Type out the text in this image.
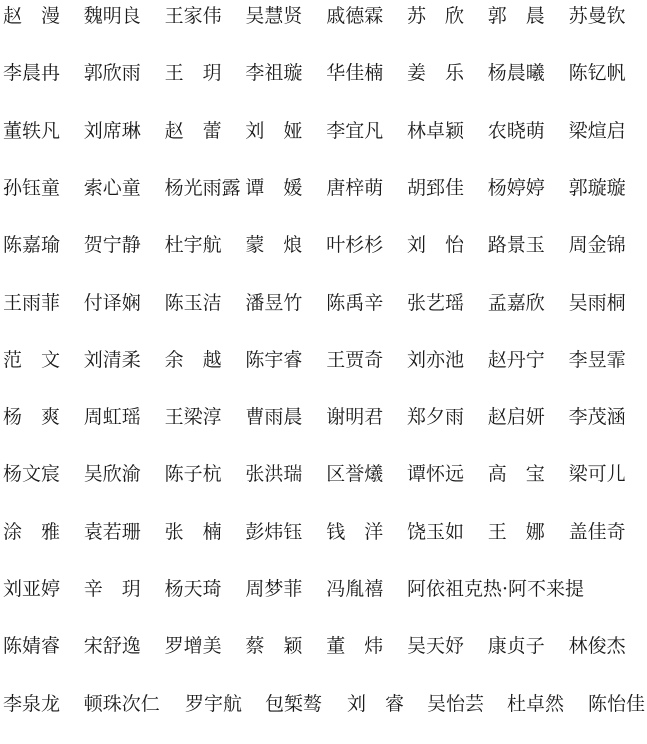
赵　漫 魏明良 王家伟 吴慧贤 戚德霖 苏　欣 郭　晨 苏曼钦
李晨冉 郭欣雨 王　玥 李祖璇 华佳楠 姜　乐 杨晨曦 陈钇帆
董轶凡 刘席琳 赵　蕾 刘　娅 李宜凡 林卓颖 农晓萌 梁煊启
孙钰童 索心童 杨光雨露 谭　媛 唐梓萌 胡郅佳 杨婷婷 郭璇璇
陈嘉瑜 贺宁静 杜宇航 蒙　烺 叶杉杉 刘　怡 路景玉 周金锦
王雨菲 付译娴 陈玉洁 潘昱竹 陈禹辛 张艺瑶 孟嘉欣 吴雨桐
范　文 刘清柔 余　越 陈宇睿 王贾奇 刘亦池 赵丹宁 李昱霏
杨　爽 周虹瑶 王梁淳 曹雨晨 谢明君 郑夕雨 赵启妍 李茂涵
杨文宸 吴欣渝 陈子杭 张洪瑞 区誉爔 谭怀远 高　宝 梁可儿
涂　雅 袁若珊 张　楠 彭炜钰 钱　洋 饶玉如 王　娜 盖佳奇
刘亚婷 辛　玥 杨天琦 周梦菲 冯胤禧 阿依祖克热·阿不来提
陈婧睿 宋舒逸 罗增美 蔡　颖 董　炜 吴天妤 康贞子 林俊杰
李泉龙 顿珠次仁 罗宇航 包椠骜 刘　睿 吴怡芸 杜卓然 陈怡佳
